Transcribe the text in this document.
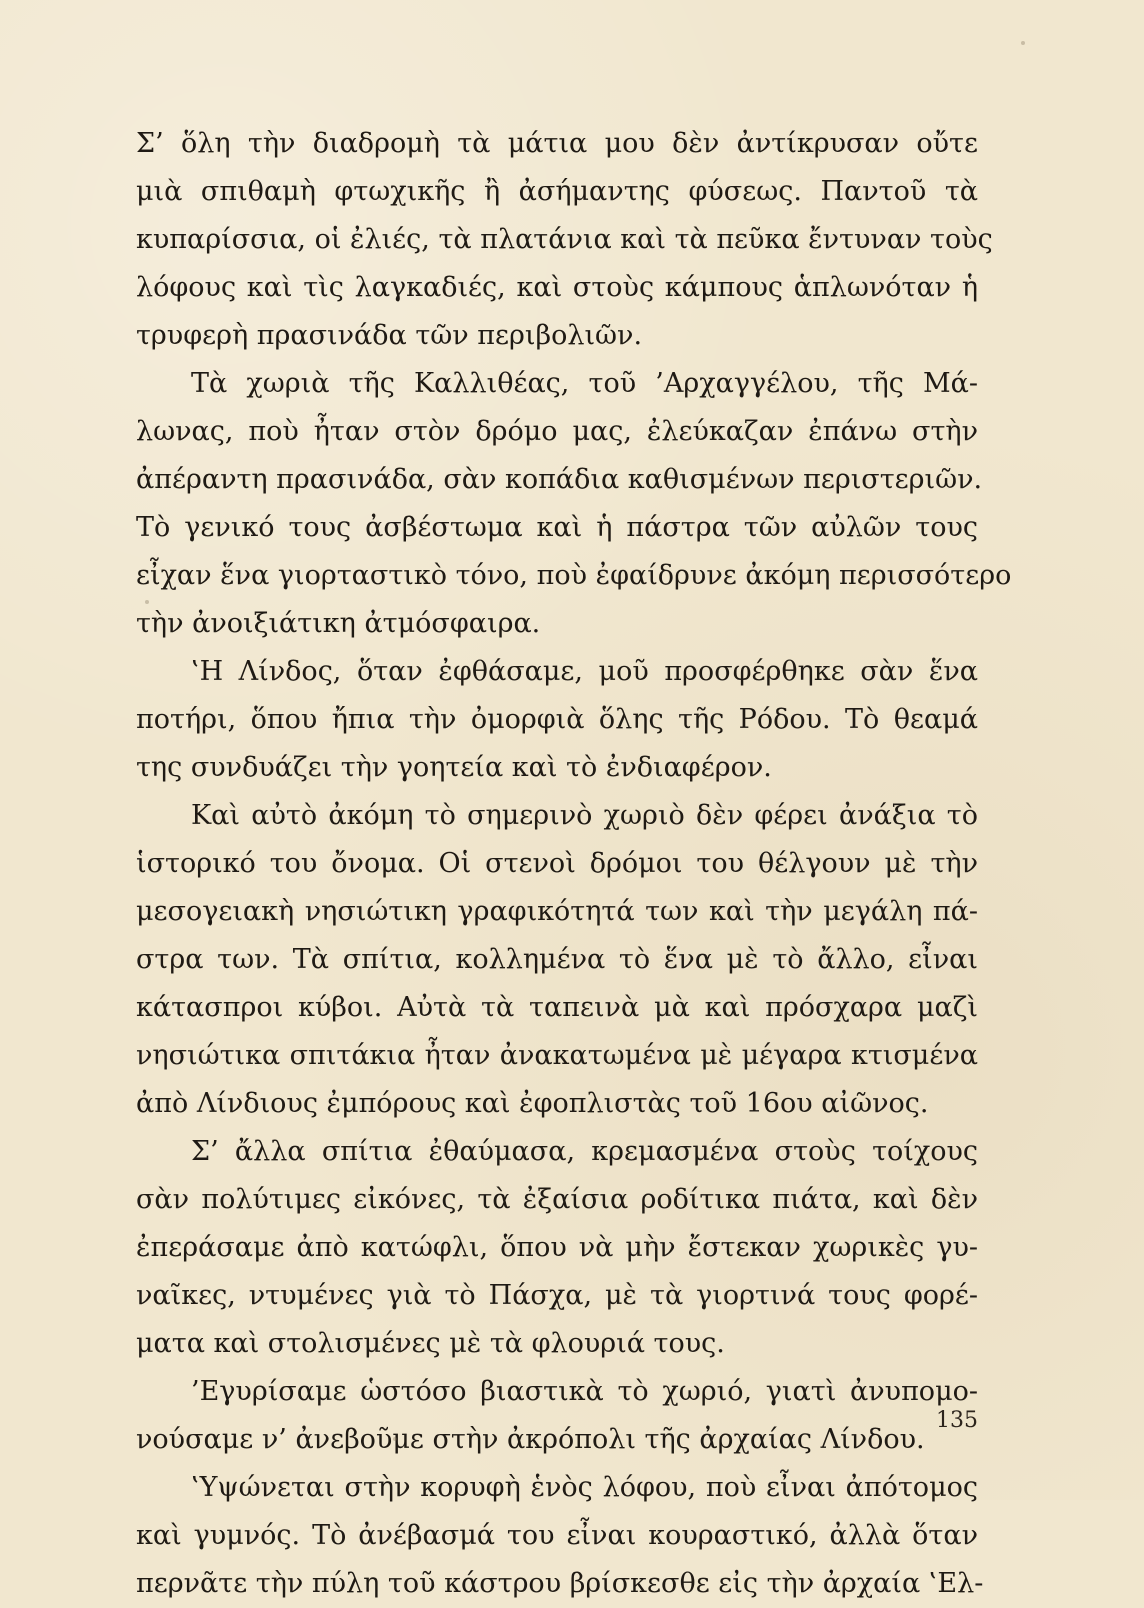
Σ’ ὅλη τὴν διαδρομὴ τὰ μάτια μου δὲν ἀντίκρυσαν οὔτε
μιὰ σπιθαμὴ φτωχικῆς ἢ ἀσήμαντης φύσεως. Παντοῦ τὰ
κυπαρίσσια, οἱ ἐλιές, τὰ πλατάνια καὶ τὰ πεῦκα ἔντυναν τοὺς
λόφους καὶ τὶς λαγκαδιές, καὶ στοὺς κάμπους ἁπλωνόταν ἡ
τρυφερὴ πρασινάδα τῶν περιβολιῶν.
Τὰ χωριὰ τῆς Καλλιθέας, τοῦ ’Αρχαγγέλου, τῆς Μά-
λωνας, ποὺ ἦταν στὸν δρόμο μας, ἐλεύκαζαν ἐπάνω στὴν
ἀπέραντη πρασινάδα, σὰν κοπάδια καθισμένων περιστεριῶν.
Τὸ γενικό τους ἀσβέστωμα καὶ ἡ πάστρα τῶν αὐλῶν τους
εἶχαν ἕνα γιορταστικὸ τόνο, ποὺ ἐφαίδρυνε ἀκόμη περισσότερο
τὴν ἀνοιξιάτικη ἀτμόσφαιρα.
‛Η Λίνδος, ὅταν ἐφθάσαμε, μοῦ προσφέρθηκε σὰν ἕνα
ποτήρι, ὅπου ἤπια τὴν ὀμορφιὰ ὅλης τῆς Ρόδου. Τὸ θεαμά
της συνδυάζει τὴν γοητεία καὶ τὸ ἐνδιαφέρον.
Καὶ αὐτὸ ἀκόμη τὸ σημερινὸ χωριὸ δὲν φέρει ἀνάξια τὸ
ἱστορικό του ὄνομα. Οἱ στενοὶ δρόμοι του θέλγουν μὲ τὴν
μεσογειακὴ νησιώτικη γραφικότητά των καὶ τὴν μεγάλη πά-
στρα των. Τὰ σπίτια, κολλημένα τὸ ἕνα μὲ τὸ ἄλλο, εἶναι
κάτασπροι κύβοι. Αὐτὰ τὰ ταπεινὰ μὰ καὶ πρόσχαρα μαζὶ
νησιώτικα σπιτάκια ἦταν ἀνακατωμένα μὲ μέγαρα κτισμένα
ἀπὸ Λίνδιους ἐμπόρους καὶ ἐφοπλιστὰς τοῦ 16ου αἰῶνος.
Σ’ ἄλλα σπίτια ἐθαύμασα, κρεμασμένα στοὺς τοίχους
σὰν πολύτιμες εἰκόνες, τὰ ἐξαίσια ροδίτικα πιάτα, καὶ δὲν
ἐπεράσαμε ἀπὸ κατώφλι, ὅπου νὰ μὴν ἔστεκαν χωρικὲς γυ-
ναῖκες, ντυμένες γιὰ τὸ Πάσχα, μὲ τὰ γιορτινά τους φορέ-
ματα καὶ στολισμένες μὲ τὰ φλουριά τους.
’Εγυρίσαμε ὡστόσο βιαστικὰ τὸ χωριό, γιατὶ ἀνυπομο-
νούσαμε ν’ ἀνεβοῦμε στὴν ἀκρόπολι τῆς ἀρχαίας Λίνδου.
‛Υψώνεται στὴν κορυφὴ ἑνὸς λόφου, ποὺ εἶναι ἀπότομος
καὶ γυμνός. Τὸ ἀνέβασμά του εἶναι κουραστικό, ἀλλὰ ὅταν
περνᾶτε τὴν πύλη τοῦ κάστρου βρίσκεσθε εἰς τὴν ἀρχαία ‛Ελ-
135
